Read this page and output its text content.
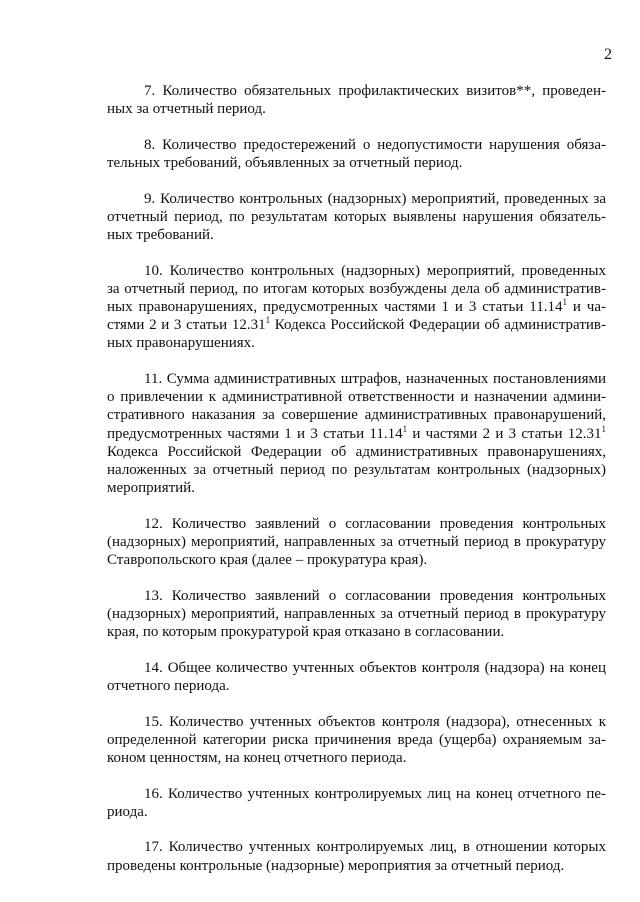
2

7. Количество обязательных профилактических визитов**, проведен-
ных за отчетный период.

8. Количество предостережений о недопустимости нарушения обяза-
тельных требований, объявленных за отчетный период.

9. Количество контрольных (надзорных) мероприятий, проведенных за
отчетный период, по результатам которых выявлены нарушения обязатель-
ных требований.

10. Количество контрольных (надзорных) мероприятий, проведенных
за отчетный период, по итогам которых возбуждены дела об административ-
ных правонарушениях, предусмотренных частями 1 и 3 статьи 11.14$^1$ и ча-
стями 2 и 3 статьи 12.31$^1$ Кодекса Российской Федерации об административ-
ных правонарушениях.

11. Сумма административных штрафов, назначенных постановлениями
о привлечении к административной ответственности и назначении админи-
стративного наказания за совершение административных правонарушений,
предусмотренных частями 1 и 3 статьи 11.14$^1$ и частями 2 и 3 статьи 12.31$^1$
Кодекса Российской Федерации об административных правонарушениях,
наложенных за отчетный период по результатам контрольных (надзорных)
мероприятий.

12. Количество заявлений о согласовании проведения контрольных
(надзорных) мероприятий, направленных за отчетный период в прокуратуру
Ставропольского края (далее – прокуратура края).

13. Количество заявлений о согласовании проведения контрольных
(надзорных) мероприятий, направленных за отчетный период в прокуратуру
края, по которым прокуратурой края отказано в согласовании.

14. Общее количество учтенных объектов контроля (надзора) на конец
отчетного периода.

15. Количество учтенных объектов контроля (надзора), отнесенных к
определенной категории риска причинения вреда (ущерба) охраняемым за-
коном ценностям, на конец отчетного периода.

16. Количество учтенных контролируемых лиц на конец отчетного пе-
риода.

17. Количество учтенных контролируемых лиц, в отношении которых
проведены контрольные (надзорные) мероприятия за отчетный период.
